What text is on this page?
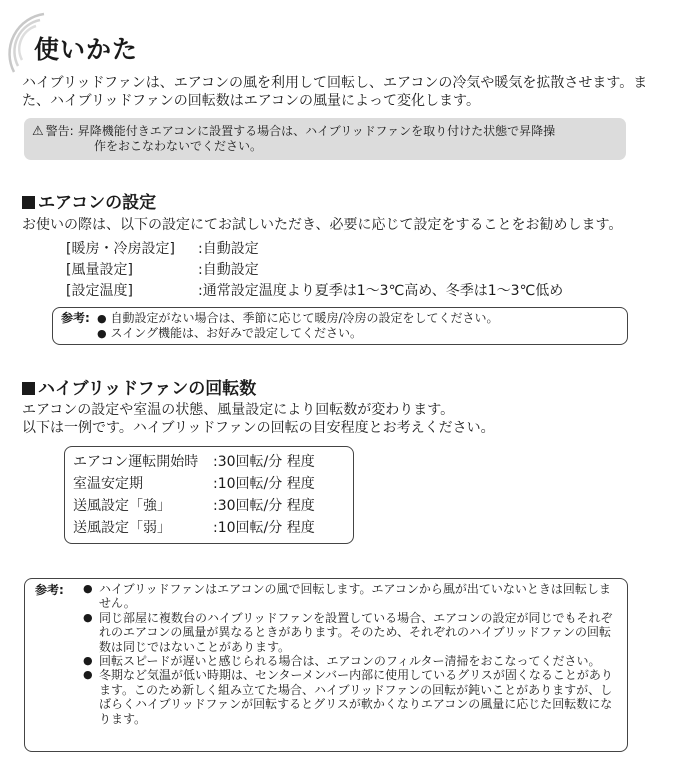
使いかた

ハイブリッドファンは、エアコンの風を利用して回転し、エアコンの冷気や暖気を拡散させます。また、ハイブリッドファンの回転数はエアコンの風量によって変化します。

⚠ 警告: 昇降機能付きエアコンに設置する場合は、ハイブリッドファンを取り付けた状態で昇降操
作をおこなわないでください。
エアコンの設定

お使いの際は、以下の設定にてお試しいただき、必要に応じて設定をすることをお勧めします。

[暖房・冷房設定] :自動設定
[風量設定]	:自動設定
[設定温度]	:通常設定温度より夏季は1～3℃高め、冬季は1～3℃低め
参考: ● 自動設定がない場合は、季節に応じて暖房/冷房の設定をしてください。
● スイング機能は、お好みで設定してください。
ハイブリッドファンの回転数

エアコンの設定や室温の状態、風量設定により回転数が変わります。

以下は一例です。ハイブリッドファンの回転の目安程度とお考えください。

エアコン運転開始時 :30回転/分 程度
室温安定期	:10回転/分 程度
送風設定「強」	:30回転/分 程度
送風設定「弱」	:10回転/分 程度
参考: ● ハイブリッドファンはエアコンの風で回転します。エアコンから風が出ていないときは回転しません。
● 同じ部屋に複数台のハイブリッドファンを設置している場合、エアコンの設定が同じでもそれぞれのエアコンの風量が異なるときがあります。そのため、それぞれのハイブリッドファンの回転数は同じではないことがあります。
● 回転スピードが遅いと感じられる場合は、エアコンのフィルター清掃をおこなってください。
● 冬期など気温が低い時期は、センターメンバー内部に使用しているグリスが固くなることがあります。このため新しく組み立てた場合、ハイブリッドファンの回転が鈍いことがありますが、しばらくハイブリッドファンが回転するとグリスが軟かくなりエアコンの風量に応じた回転数になります。
